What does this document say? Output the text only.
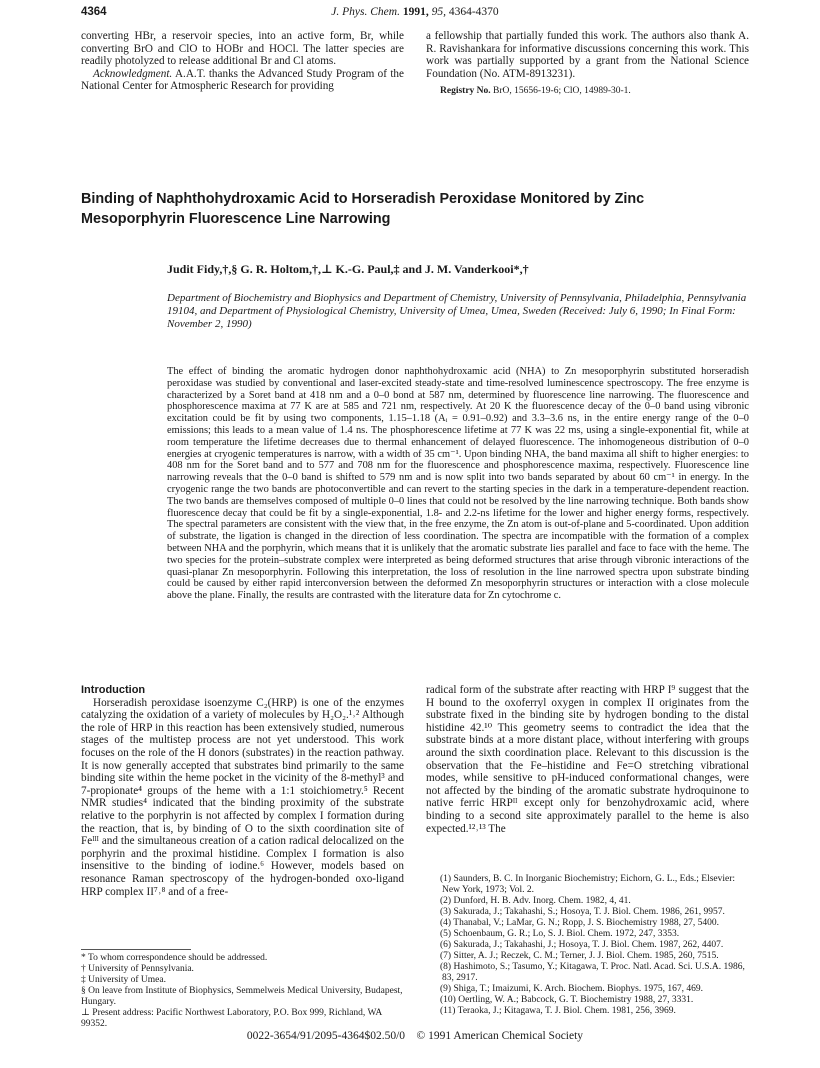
4364	J. Phys. Chem. 1991, 95, 4364-4370

converting HBr, a reservoir species, into an active form, Br, while converting BrO and ClO to HOBr and HOCl. The latter species are readily photolyzed to release additional Br and Cl atoms.

Acknowledgment. A.A.T. thanks the Advanced Study Program of the National Center for Atmospheric Research for providing

a fellowship that partially funded this work. The authors also thank A. R. Ravishankara for informative discussions concerning this work. This work was partially supported by a grant from the National Science Foundation (No. ATM-8913231).

Registry No. BrO, 15656-19-6; ClO, 14989-30-1.

Binding of Naphthohydroxamic Acid to Horseradish Peroxidase Monitored by Zinc Mesoporphyrin Fluorescence Line Narrowing
Judit Fidy,†,§ G. R. Holtom,†,⊥ K.-G. Paul,‡ and J. M. Vanderkooi*,†
Department of Biochemistry and Biophysics and Department of Chemistry, University of Pennsylvania, Philadelphia, Pennsylvania 19104, and Department of Physiological Chemistry, University of Umea, Umea, Sweden (Received: July 6, 1990; In Final Form: November 2, 1990)
The effect of binding the aromatic hydrogen donor naphthohydroxamic acid (NHA) to Zn mesoporphyrin substituted horseradish peroxidase was studied by conventional and laser-excited steady-state and time-resolved luminescence spectroscopy. The free enzyme is characterized by a Soret band at 418 nm and a 0–0 bond at 587 nm, determined by fluorescence line narrowing. The fluorescence and phosphorescence maxima at 77 K are at 585 and 721 nm, respectively. At 20 K the fluorescence decay of the 0–0 band using vibronic excitation could be fit by using two components, 1.15–1.18 (Aᵢ = 0.91–0.92) and 3.3–3.6 ns, in the entire energy range of the 0–0 emissions; this leads to a mean value of 1.4 ns. The phosphorescence lifetime at 77 K was 22 ms, using a single-exponential fit, while at room temperature the lifetime decreases due to thermal enhancement of delayed fluorescence. The inhomogeneous distribution of 0–0 energies at cryogenic temperatures is narrow, with a width of 35 cm⁻¹. Upon binding NHA, the band maxima all shift to higher energies: to 408 nm for the Soret band and to 577 and 708 nm for the fluorescence and phosphorescence maxima, respectively. Fluorescence line narrowing reveals that the 0–0 band is shifted to 579 nm and is now split into two bands separated by about 60 cm⁻¹ in energy. In the cryogenic range the two bands are photoconvertible and can revert to the starting species in the dark in a temperature-dependent reaction. The two bands are themselves composed of multiple 0–0 lines that could not be resolved by the line narrowing technique. Both bands show fluorescence decay that could be fit by a single-exponential, 1.8- and 2.2-ns lifetime for the lower and higher energy forms, respectively. The spectral parameters are consistent with the view that, in the free enzyme, the Zn atom is out-of-plane and 5-coordinated. Upon addition of substrate, the ligation is changed in the direction of less coordination. The spectra are incompatible with the formation of a complex between NHA and the porphyrin, which means that it is unlikely that the aromatic substrate lies parallel and face to face with the heme. The two species for the protein–substrate complex were interpreted as being deformed structures that arise through vibronic interactions of the quasi-planar Zn mesoporphyrin. Following this interpretation, the loss of resolution in the line narrowed spectra upon substrate binding could be caused by either rapid interconversion between the deformed Zn mesoporphyrin structures or interaction with a close molecule above the plane. Finally, the results are contrasted with the literature data for Zn cytochrome c.
Introduction

Horseradish peroxidase isoenzyme C₂(HRP) is one of the enzymes catalyzing the oxidation of a variety of molecules by H₂O₂.¹˒² Although the role of HRP in this reaction has been extensively studied, numerous stages of the multistep process are not yet understood. This work focuses on the role of the H donors (substrates) in the reaction pathway. It is now generally accepted that substrates bind primarily to the same binding site within the heme pocket in the vicinity of the 8-methyl³ and 7-propionate⁴ groups of the heme with a 1:1 stoichiometry.⁵ Recent NMR studies⁴ indicated that the binding proximity of the substrate relative to the porphyrin is not affected by complex I formation during the reaction, that is, by binding of O to the sixth coordination site of Feᴵᴵᴵ and the simultaneous creation of a cation radical delocalized on the porphyrin and the proximal histidine. Complex I formation is also insensitive to the binding of iodine.⁶ However, models based on resonance Raman spectroscopy of the hydrogen-bonded oxo-ligand HRP complex II⁷˒⁸ and of a free-

* To whom correspondence should be addressed.
† University of Pennsylvania.
‡ University of Umea.
§ On leave from Institute of Biophysics, Semmelweis Medical University, Budapest, Hungary.
⊥ Present address: Pacific Northwest Laboratory, P.O. Box 999, Richland, WA 99352.

radical form of the substrate after reacting with HRP I⁹ suggest that the H bound to the oxoferryl oxygen in complex II originates from the substrate fixed in the binding site by hydrogen bonding to the distal histidine 42.¹⁰ This geometry seems to contradict the idea that the substrate binds at a more distant place, without interfering with groups around the sixth coordination place. Relevant to this discussion is the observation that the Fe–histidine and Fe=O stretching vibrational modes, while sensitive to pH-induced conformational changes, were not affected by the binding of the aromatic substrate hydroquinone to native ferric HRPᴵᴵ except only for benzohydroxamic acid, where binding to a second site approximately parallel to the heme is also expected.¹²˒¹³ The

(1) Saunders, B. C. In Inorganic Biochemistry; Eichorn, G. L., Eds.; Elsevier: New York, 1973; Vol. 2.
(2) Dunford, H. B. Adv. Inorg. Chem. 1982, 4, 41.
(3) Sakurada, J.; Takahashi, S.; Hosoya, T. J. Biol. Chem. 1986, 261, 9957.
(4) Thanabal, V.; LaMar, G. N.; Ropp, J. S. Biochemistry 1988, 27, 5400.
(5) Schoenbaum, G. R.; Lo, S. J. Biol. Chem. 1972, 247, 3353.
(6) Sakurada, J.; Takahashi, J.; Hosoya, T. J. Biol. Chem. 1987, 262, 4407.
(7) Sitter, A. J.; Reczek, C. M.; Terner, J. J. Biol. Chem. 1985, 260, 7515.
(8) Hashimoto, S.; Tasumo, Y.; Kitagawa, T. Proc. Natl. Acad. Sci. U.S.A. 1986, 83, 2917.
(9) Shiga, T.; Imaizumi, K. Arch. Biochem. Biophys. 1975, 167, 469.
(10) Oertling, W. A.; Babcock, G. T. Biochemistry 1988, 27, 3331.
(11) Teraoka, J.; Kitagawa, T. J. Biol. Chem. 1981, 256, 3969.
0022-3654/91/2095-4364$02.50/0 © 1991 American Chemical Society
